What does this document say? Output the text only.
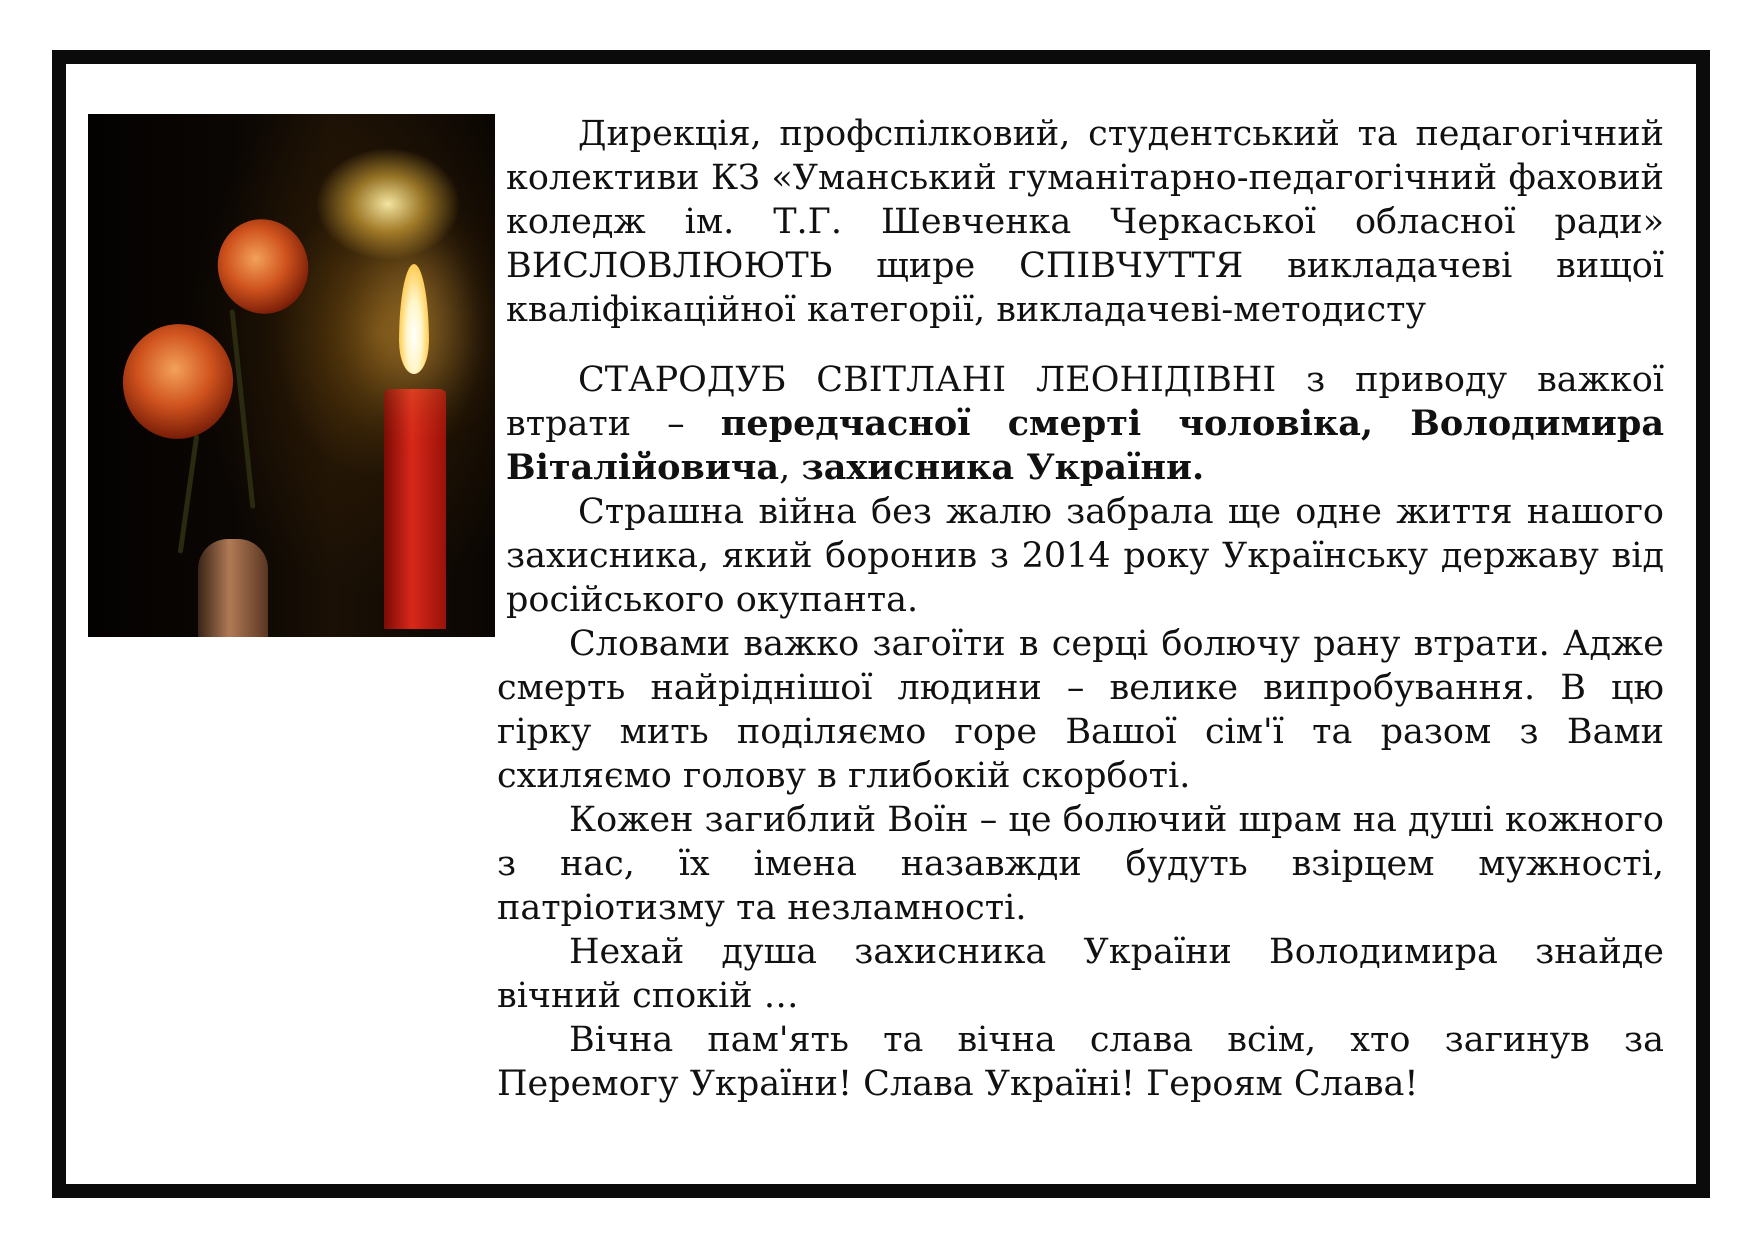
Дирекція, профспілковий, студентський та педагогічний колективи КЗ «Уманський гуманітарно-педагогічний фаховий коледж ім. Т.Г. Шевченка Черкаської обласної ради» ВИСЛОВЛЮЮТЬ щире СПІВЧУТТЯ викладачеві вищої кваліфікаційної категорії, викладачеві-методисту

СТАРОДУБ СВІТЛАНІ ЛЕОНІДІВНІ з приводу важкої втрати – передчасної смерті чоловіка, Володимира Віталійовича, захисника України.

Страшна війна без жалю забрала ще одне життя нашого захисника, який боронив з 2014 року Українську державу від російського окупанта.

Словами важко загоїти в серці болючу рану втрати. Адже смерть найріднішої людини – велике випробування. В цю гірку мить поділяємо горе Вашої сім'ї та разом з Вами схиляємо голову в глибокій скорботі.

Кожен загиблий Воїн – це болючий шрам на душі кожного з нас, їх імена назавжди будуть взірцем мужності, патріотизму та незламності.

Нехай душа захисника України Володимира знайде вічний спокій …

Вічна пам'ять та вічна слава всім, хто загинув за Перемогу України! Слава Україні! Героям Слава!
